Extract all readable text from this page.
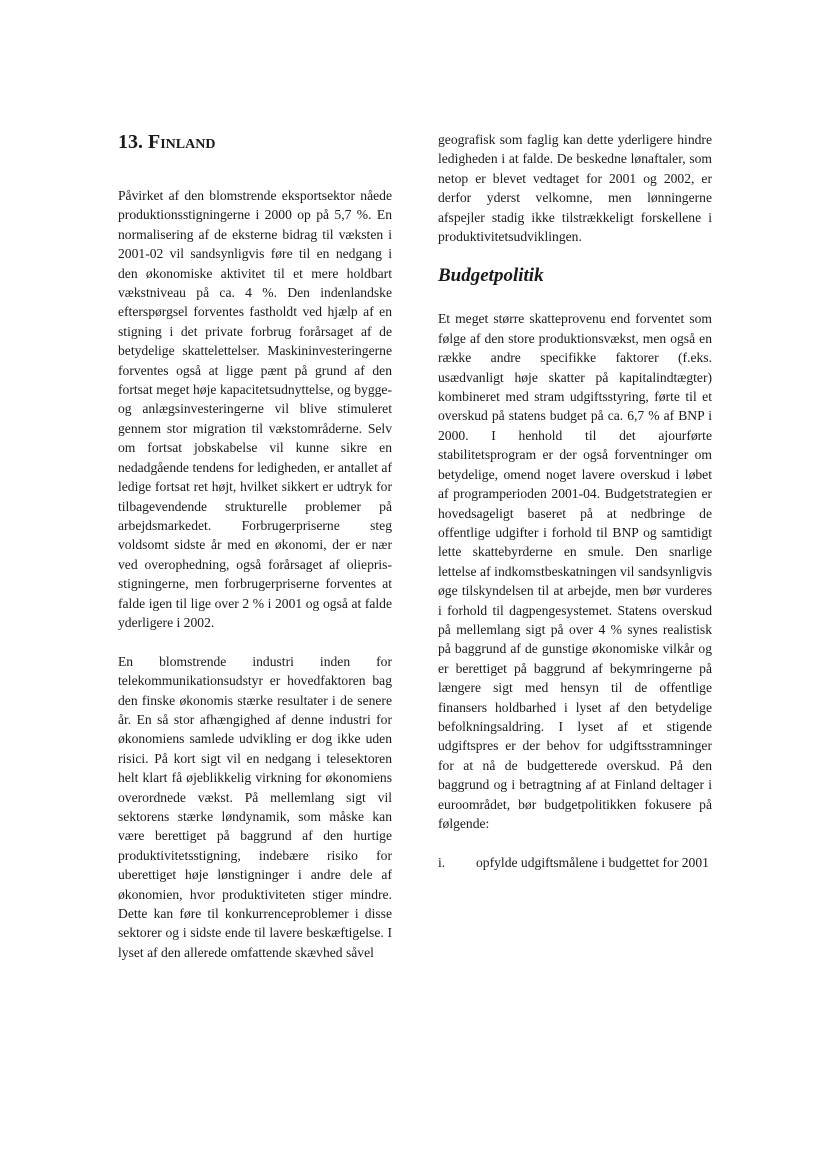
13. Finland

Påvirket af den blomstrende eksportsektor nåede produktionsstigningerne i 2000 op på 5,7 %. En normalisering af de eksterne bidrag til væksten i 2001-02 vil sandsynligvis føre til en nedgang i den økonomiske aktivitet til et mere holdbart vækstniveau på ca. 4 %. Den indenlandske efterspørgsel forventes fastholdt ved hjælp af en stigning i det private forbrug forårsaget af de betydelige skattelettelser. Maskininvesteringerne forventes også at ligge pænt på grund af den fortsat meget høje kapacitetsudnyttelse, og bygge- og anlægsinvesteringerne vil blive stimuleret gennem stor migration til vækstområderne. Selv om fortsat jobskabelse vil kunne sikre en nedadgående tendens for ledigheden, er antallet af ledige fortsat ret højt, hvilket sikkert er udtryk for tilbagevendende strukturelle problemer på arbejdsmarkedet. Forbrugerpriserne steg voldsomt sidste år med en økonomi, der er nær ved overophedning, også forårsaget af olieprisstigningerne, men forbrugerpriserne forventes at falde igen til lige over 2 % i 2001 og også at falde yderligere i 2002.

En blomstrende industri inden for telekommunikationsudstyr er hovedfaktoren bag den finske økonomis stærke resultater i de senere år. En så stor afhængighed af denne industri for økonomiens samlede udvikling er dog ikke uden risici. På kort sigt vil en nedgang i telesektoren helt klart få øjeblikkelig virkning for økonomiens overordnede vækst. På mellemlang sigt vil sektorens stærke løndynamik, som måske kan være berettiget på baggrund af den hurtige produktivitetsstigning, indebære risiko for uberettiget høje lønstigninger i andre dele af økonomien, hvor produktiviteten stiger mindre. Dette kan føre til konkurrenceproblemer i disse sektorer og i sidste ende til lavere beskæftigelse. I lyset af den allerede omfattende skævhed såvel

geografisk som faglig kan dette yderligere hindre ledigheden i at falde. De beskedne lønaftaler, som netop er blevet vedtaget for 2001 og 2002, er derfor yderst velkomne, men lønningerne afspejler stadig ikke tilstrækkeligt forskellene i produktivitetsudviklingen.

Budgetpolitik

Et meget større skatteprovenu end forventet som følge af den store produktionsvækst, men også en række andre specifikke faktorer (f.eks. usædvanligt høje skatter på kapitalindtægter) kombineret med stram udgiftsstyring, førte til et overskud på statens budget på ca. 6,7 % af BNP i 2000. I henhold til det ajourførte stabilitetsprogram er der også forventninger om betydelige, omend noget lavere overskud i løbet af programperioden 2001-04. Budgetstrategien er hovedsageligt baseret på at nedbringe de offentlige udgifter i forhold til BNP og samtidigt lette skattebyrderne en smule. Den snarlige lettelse af indkomstbeskatningen vil sandsynligvis øge tilskyndelsen til at arbejde, men bør vurderes i forhold til dagpengesystemet. Statens overskud på mellemlang sigt på over 4 % synes realistisk på baggrund af de gunstige økonomiske vilkår og er berettiget på baggrund af bekymringerne på længere sigt med hensyn til de offentlige finansers holdbarhed i lyset af den betydelige befolkningsaldring. I lyset af et stigende udgiftspres er der behov for udgiftsstramninger for at nå de budgetterede overskud. På den baggrund og i betragtning af at Finland deltager i euroområdet, bør budgetpolitikken fokusere på følgende:

i.	opfylde udgiftsmålene i budgettet for 2001
